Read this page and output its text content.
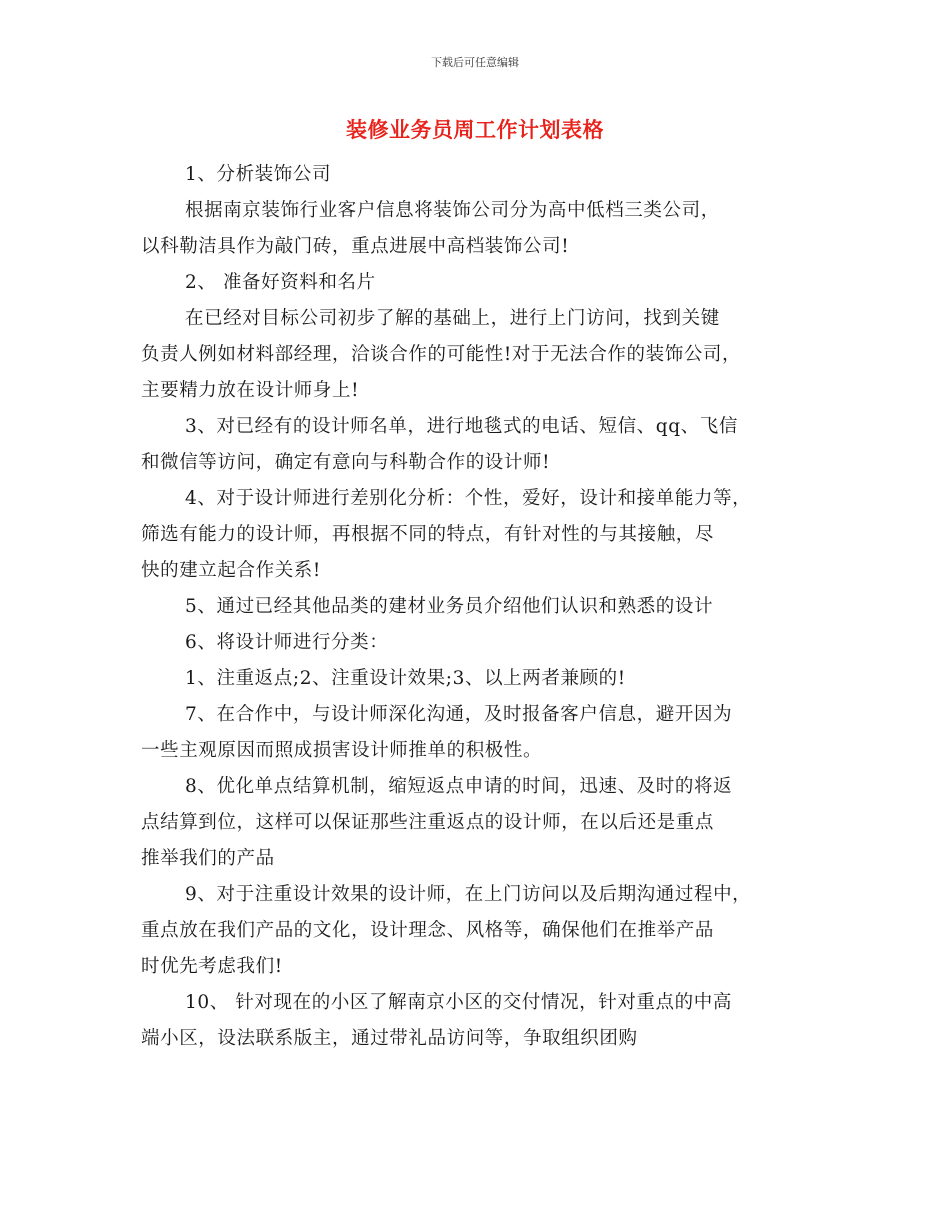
下载后可任意编辑
装修业务员周工作计划表格

1、分析装饰公司

根据南京装饰行业客户信息将装饰公司分为高中低档三类公司，
以科勒洁具作为敲门砖，重点进展中高档装饰公司!

2、 准备好资料和名片

在已经对目标公司初步了解的基础上，进行上门访问，找到关键
负责人例如材料部经理，洽谈合作的可能性!对于无法合作的装饰公司，
主要精力放在设计师身上!

3、对已经有的设计师名单，进行地毯式的电话、短信、qq、飞信
和微信等访问，确定有意向与科勒合作的设计师!

4、对于设计师进行差别化分析：个性，爱好，设计和接单能力等，
筛选有能力的设计师，再根据不同的特点，有针对性的与其接触，尽
快的建立起合作关系!

5、通过已经其他品类的建材业务员介绍他们认识和熟悉的设计

6、将设计师进行分类：

1、注重返点;2、注重设计效果;3、以上两者兼顾的!

7、在合作中，与设计师深化沟通，及时报备客户信息，避开因为
一些主观原因而照成损害设计师推单的积极性。

8、优化单点结算机制，缩短返点申请的时间，迅速、及时的将返
点结算到位，这样可以保证那些注重返点的设计师，在以后还是重点
推举我们的产品

9、对于注重设计效果的设计师，在上门访问以及后期沟通过程中，
重点放在我们产品的文化，设计理念、风格等，确保他们在推举产品
时优先考虑我们!

10、 针对现在的小区了解南京小区的交付情况，针对重点的中高
端小区，设法联系版主，通过带礼品访问等，争取组织团购
